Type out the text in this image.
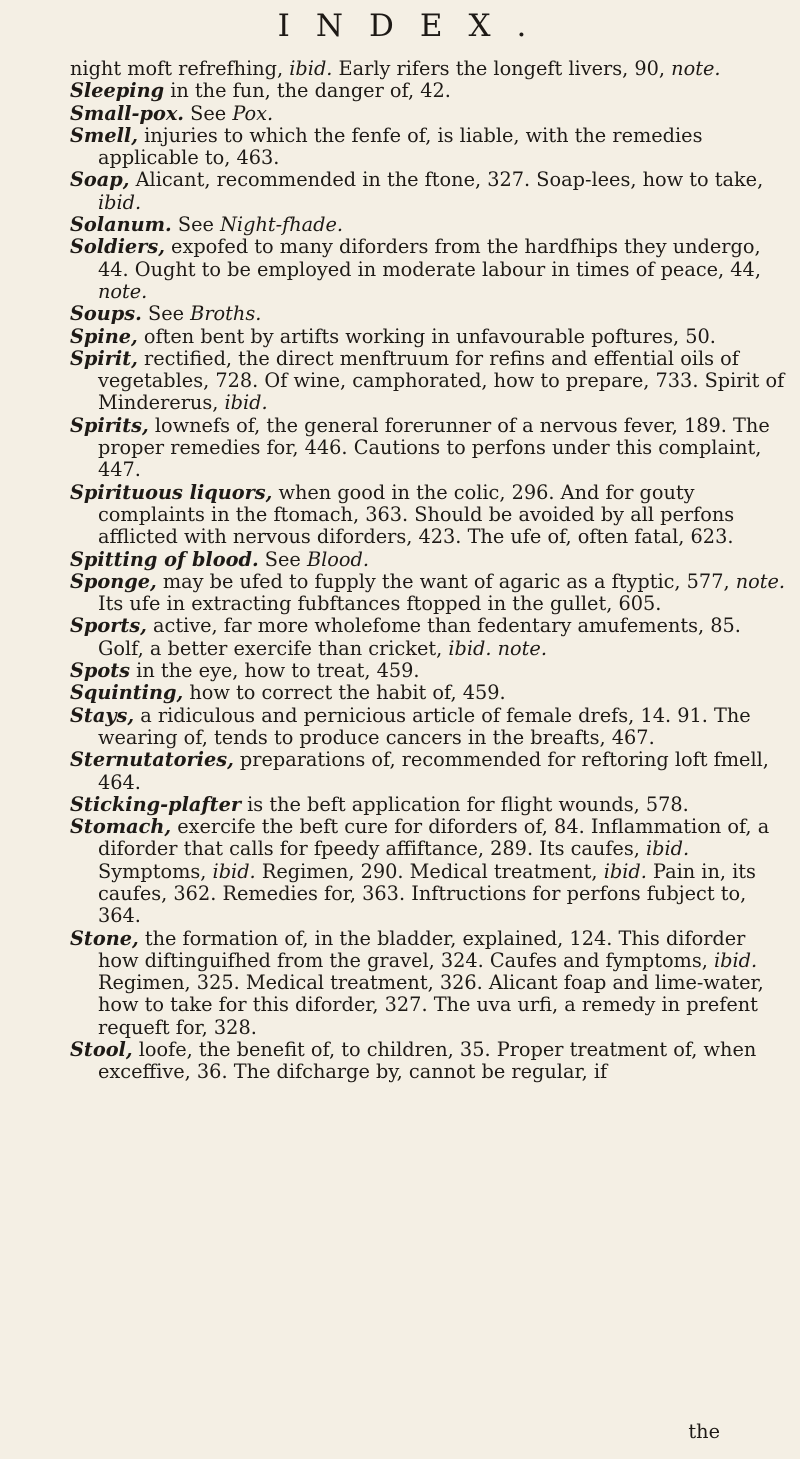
INDEX.

night moft refrefhing, ibid. Early rifers the longeft livers, 90, note.

Sleeping in the fun, the danger of, 42.

Small-pox. See Pox.

Smell, injuries to which the fenfe of, is liable, with the remedies applicable to, 463.

Soap, Alicant, recommended in the ftone, 327. Soap-lees, how to take, ibid.

Solanum. See Night-fhade.

Soldiers, expofed to many diforders from the hardfhips they undergo, 44. Ought to be employed in moderate labour in times of peace, 44, note.

Soups. See Broths.

Spine, often bent by artifts working in unfavourable poftures, 50.

Spirit, rectified, the direct menftruum for refins and effential oils of vegetables, 728. Of wine, camphorated, how to prepare, 733. Spirit of Mindererus, ibid.

Spirits, lownefs of, the general forerunner of a nervous fever, 189. The proper remedies for, 446. Cautions to perfons under this complaint, 447.

Spirituous liquors, when good in the colic, 296. And for gouty complaints in the ftomach, 363. Should be avoided by all perfons afflicted with nervous diforders, 423. The ufe of, often fatal, 623.

Spitting of blood. See Blood.

Sponge, may be ufed to fupply the want of agaric as a ftyptic, 577, note. Its ufe in extracting fubftances ftopped in the gullet, 605.

Sports, active, far more wholefome than fedentary amufements, 85. Golf, a better exercife than cricket, ibid. note.

Spots in the eye, how to treat, 459.

Squinting, how to correct the habit of, 459.

Stays, a ridiculous and pernicious article of female drefs, 14. 91. The wearing of, tends to produce cancers in the breafts, 467.

Sternutatories, preparations of, recommended for reftoring loft fmell, 464.

Sticking-plafter is the beft application for flight wounds, 578.

Stomach, exercife the beft cure for diforders of, 84. Inflammation of, a diforder that calls for fpeedy affiftance, 289. Its caufes, ibid. Symptoms, ibid. Regimen, 290. Medical treatment, ibid. Pain in, its caufes, 362. Remedies for, 363. Inftructions for perfons fubject to, 364.

Stone, the formation of, in the bladder, explained, 124. This diforder how diftinguifhed from the gravel, 324. Caufes and fymptoms, ibid. Regimen, 325. Medical treatment, 326. Alicant foap and lime-water, how to take for this diforder, 327. The uva urfi, a remedy in prefent requeft for, 328.

Stool, loofe, the benefit of, to children, 35. Proper treatment of, when exceffive, 36. The difcharge by, cannot be regular, if

the
